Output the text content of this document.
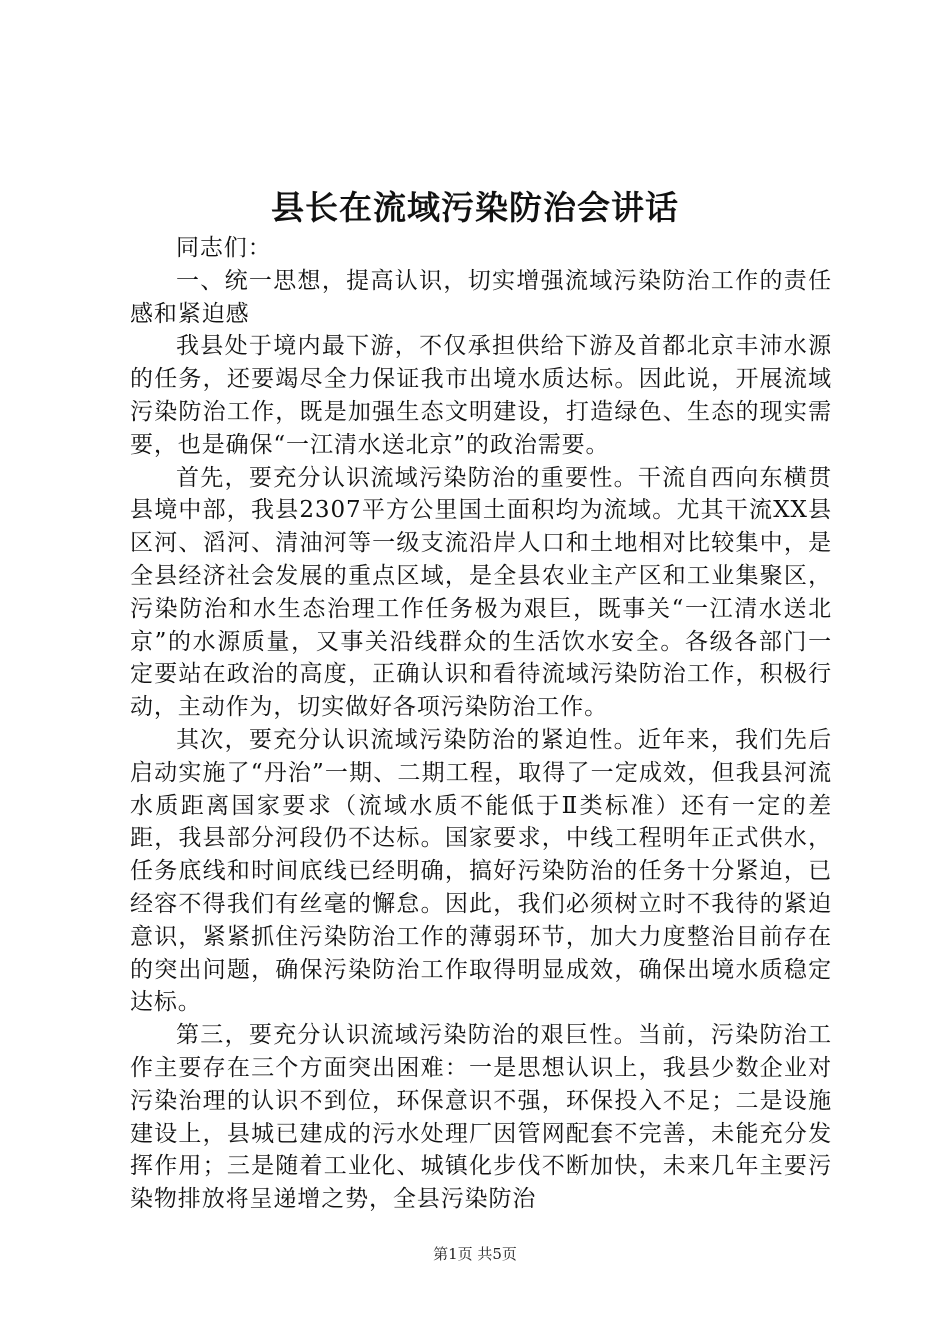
县长在流域污染防治会讲话

同志们：

一、统一思想，提高认识，切实增强流域污染防治工作的责任感和紧迫感

我县处于境内最下游，不仅承担供给下游及首都北京丰沛水源的任务，还要竭尽全力保证我市出境水质达标。因此说，开展流域污染防治工作，既是加强生态文明建设，打造绿色、生态的现实需要，也是确保“一江清水送北京”的政治需要。

首先，要充分认识流域污染防治的重要性。干流自西向东横贯县境中部，我县2307平方公里国土面积均为流域。尤其干流XX县区河、滔河、清油河等一级支流沿岸人口和土地相对比较集中，是全县经济社会发展的重点区域，是全县农业主产区和工业集聚区，污染防治和水生态治理工作任务极为艰巨，既事关“一江清水送北京”的水源质量，又事关沿线群众的生活饮水安全。各级各部门一定要站在政治的高度，正确认识和看待流域污染防治工作，积极行动，主动作为，切实做好各项污染防治工作。

其次，要充分认识流域污染防治的紧迫性。近年来，我们先后启动实施了“丹治”一期、二期工程，取得了一定成效，但我县河流水质距离国家要求（流域水质不能低于Ⅱ类标准）还有一定的差距，我县部分河段仍不达标。国家要求，中线工程明年正式供水，任务底线和时间底线已经明确，搞好污染防治的任务十分紧迫，已经容不得我们有丝毫的懈怠。因此，我们必须树立时不我待的紧迫意识，紧紧抓住污染防治工作的薄弱环节，加大力度整治目前存在的突出问题，确保污染防治工作取得明显成效，确保出境水质稳定达标。

第三，要充分认识流域污染防治的艰巨性。当前，污染防治工作主要存在三个方面突出困难：一是思想认识上，我县少数企业对污染治理的认识不到位，环保意识不强，环保投入不足；二是设施建设上，县城已建成的污水处理厂因管网配套不完善，未能充分发挥作用；三是随着工业化、城镇化步伐不断加快，未来几年主要污染物排放将呈递增之势，全县污染防治

第1页 共5页
